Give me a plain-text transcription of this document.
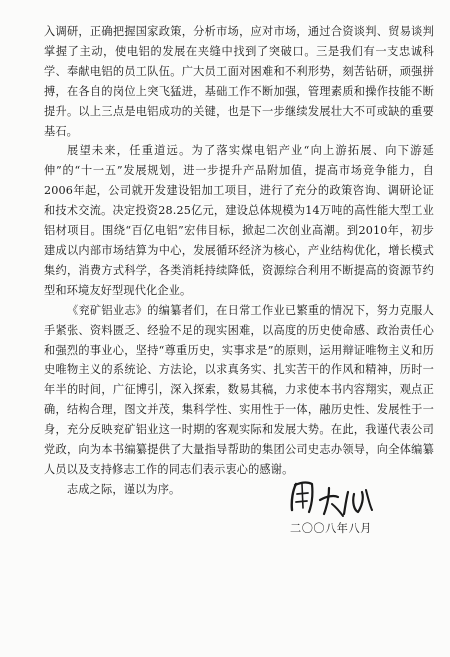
入调研，正确把握国家政策，分析市场，应对市场，通过合资谈判、贸易谈判掌握了主动，使电铝的发展在夹缝中找到了突破口。三是我们有一支忠诚科学、奉献电铝的员工队伍。广大员工面对困难和不利形势，刻苦钻研，顽强拼搏，在各自的岗位上突飞猛进，基础工作不断加强，管理素质和操作技能不断提升。以上三点是电铝成功的关键，也是下一步继续发展壮大不可或缺的重要基石。

展望未来，任重道远。为了落实煤电铝产业“向上游拓展、向下游延伸”的“十一五”发展规划，进一步提升产品附加值，提高市场竞争能力，自2006年起，公司就开发建设铝加工项目，进行了充分的政策咨询、调研论证和技术交流。决定投资28.25亿元，建设总体规模为14万吨的高性能大型工业铝材项目。围绕“百亿电铝”宏伟目标，掀起二次创业高潮。到2010年，初步建成以内部市场结算为中心，发展循环经济为核心，产业结构优化，增长模式集约，消费方式科学，各类消耗持续降低，资源综合利用不断提高的资源节约型和环境友好型现代化企业。

《兖矿铝业志》的编纂者们，在日常工作业已繁重的情况下，努力克服人手紧张、资料匮乏、经验不足的现实困难，以高度的历史使命感、政治责任心和强烈的事业心，坚持“尊重历史，实事求是”的原则，运用辩证唯物主义和历史唯物主义的系统论、方法论，以求真务实、扎实苦干的作风和精神，历时一年半的时间，广征博引，深入探索，数易其稿，力求使本书内容翔实，观点正确，结构合理，图文并茂，集科学性、实用性于一体，融历史性、发展性于一身，充分反映兖矿铝业这一时期的客观实际和发展大势。在此，我谨代表公司党政，向为本书编纂提供了大量指导帮助的集团公司史志办领导，向全体编纂人员以及支持修志工作的同志们表示衷心的感谢。

志成之际，谨以为序。

二〇〇八年八月
